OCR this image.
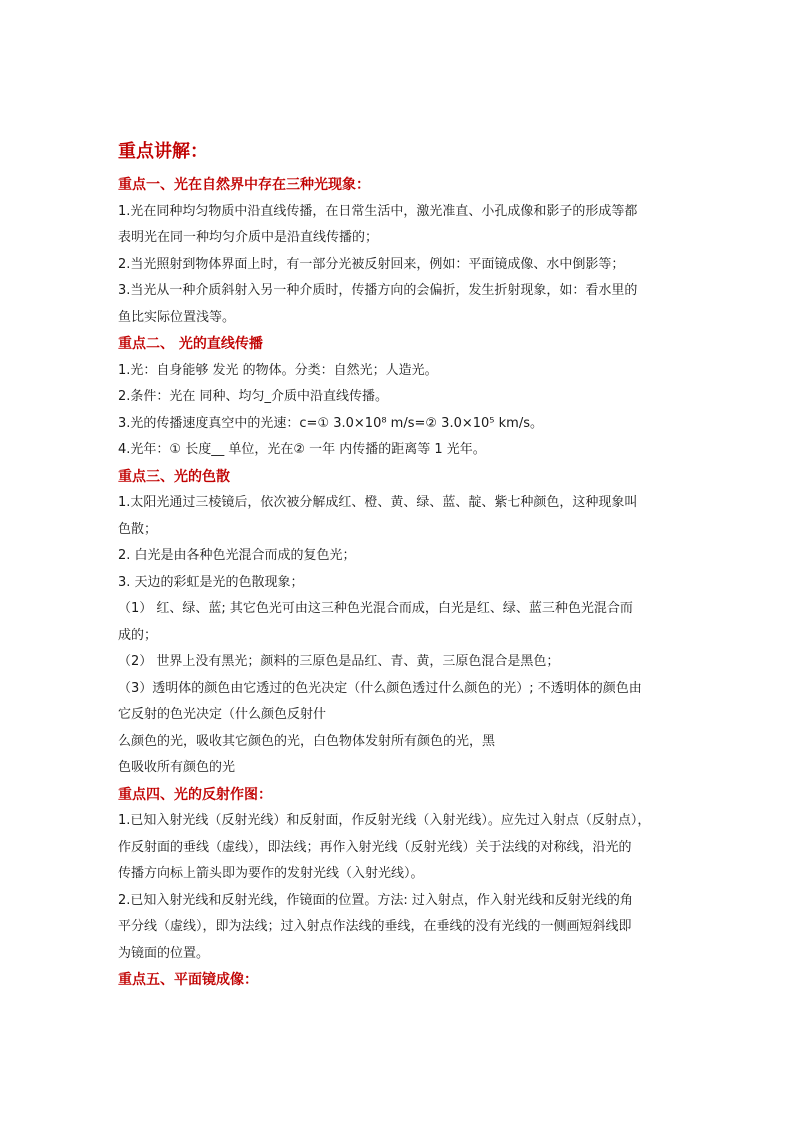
重点讲解：
重点一、光在自然界中存在三种光现象：
1.光在同种均匀物质中沿直线传播，在日常生活中，激光准直、小孔成像和影子的形成等都
表明光在同一种均匀介质中是沿直线传播的；
2.当光照射到物体界面上时，有一部分光被反射回来，例如：平面镜成像、水中倒影等；
3.当光从一种介质斜射入另一种介质时，传播方向的会偏折，发生折射现象，如：看水里的
鱼比实际位置浅等。
重点二、 光的直线传播
1.光：自身能够 发光 的物体。分类：自然光；人造光。
2.条件：光在 同种、均匀_介质中沿直线传播。
3.光的传播速度真空中的光速：c=① 3.0×10⁸ m/s=② 3.0×10⁵ km/s。
4.光年：① 长度__ 单位，光在② 一年 内传播的距离等 1 光年。
重点三、光的色散
1.太阳光通过三棱镜后，依次被分解成红、橙、黄、绿、蓝、靛、紫七种颜色，这种现象叫
色散；
2. 白光是由各种色光混合而成的复色光；
3. 天边的彩虹是光的色散现象；
（1） 红、绿、蓝; 其它色光可由这三种色光混合而成，白光是红、绿、蓝三种色光混合而
成的；
（2） 世界上没有黑光；颜料的三原色是品红、青、黄，三原色混合是黑色；
（3）透明体的颜色由它透过的色光决定（什么颜色透过什么颜色的光）; 不透明体的颜色由
它反射的色光决定（什么颜色反射什
么颜色的光，吸收其它颜色的光，白色物体发射所有颜色的光，黑
色吸收所有颜色的光
重点四、光的反射作图：
1.已知入射光线（反射光线）和反射面，作反射光线（入射光线）。应先过入射点（反射点），
作反射面的垂线（虚线），即法线；再作入射光线（反射光线）关于法线的对称线，沿光的
传播方向标上箭头即为要作的发射光线（入射光线）。
2.已知入射光线和反射光线，作镜面的位置。方法: 过入射点，作入射光线和反射光线的角
平分线（虚线），即为法线；过入射点作法线的垂线，在垂线的没有光线的一侧画短斜线即
为镜面的位置。
重点五、平面镜成像：
